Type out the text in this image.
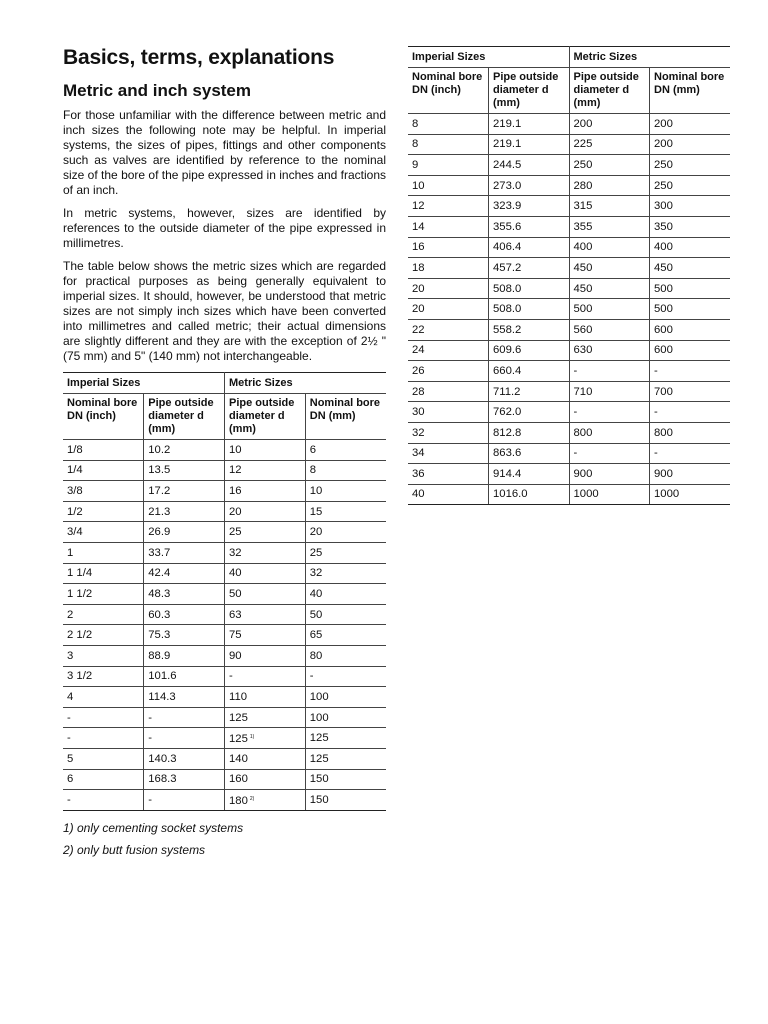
Basics, terms, explanations
Metric and inch system

For those unfamiliar with the difference between metric and inch sizes the following note may be helpful. In imperial systems, the sizes of pipes, fittings and other components such as valves are identified by reference to the nominal size of the bore of the pipe expressed in inches and fractions of an inch.

In metric systems, however, sizes are identified by references to the outside diameter of the pipe expressed in millimetres.

The table below shows the metric sizes which are regarded for practical purposes as being generally equivalent to imperial sizes. It should, however, be understood that metric sizes are not simply inch sizes which have been converted into millimetres and called metric; their actual dimensions are slightly different and they are with the exception of 2½ " (75 mm) and 5" (140 mm) not interchangeable.

Imperial Sizes		Metric Sizes	
Nominal bore DN (inch)	Pipe outside diameter d (mm)	Pipe outside diameter d (mm)	Nominal bore DN (mm)
1/8	10.2	10	6
1/4	13.5	12	8
3/8	17.2	16	10
1/2	21.3	20	15
3/4	26.9	25	20
1	33.7	32	25
1 1/4	42.4	40	32
1 1/2	48.3	50	40
2	60.3	63	50
2 1/2	75.3	75	65
3	88.9	90	80
3 1/2	101.6	-	-
4	114.3	110	100
-	-	125	100
-	-	125 $^{1)}$	125
5	140.3	140	125
6	168.3	160	150
-	-	180 $^{2)}$	150

1) only cementing socket systems

2) only butt fusion systems

Imperial Sizes		Metric Sizes	
Nominal bore DN (inch)	Pipe outside diameter d (mm)	Pipe outside diameter d (mm)	Nominal bore DN (mm)
8	219.1	200	200
8	219.1	225	200
9	244.5	250	250
10	273.0	280	250
12	323.9	315	300
14	355.6	355	350
16	406.4	400	400
18	457.2	450	450
20	508.0	450	500
20	508.0	500	500
22	558.2	560	600
24	609.6	630	600
26	660.4	-	-
28	711.2	710	700
30	762.0	-	-
32	812.8	800	800
34	863.6	-	-
36	914.4	900	900
40	1016.0	1000	1000
